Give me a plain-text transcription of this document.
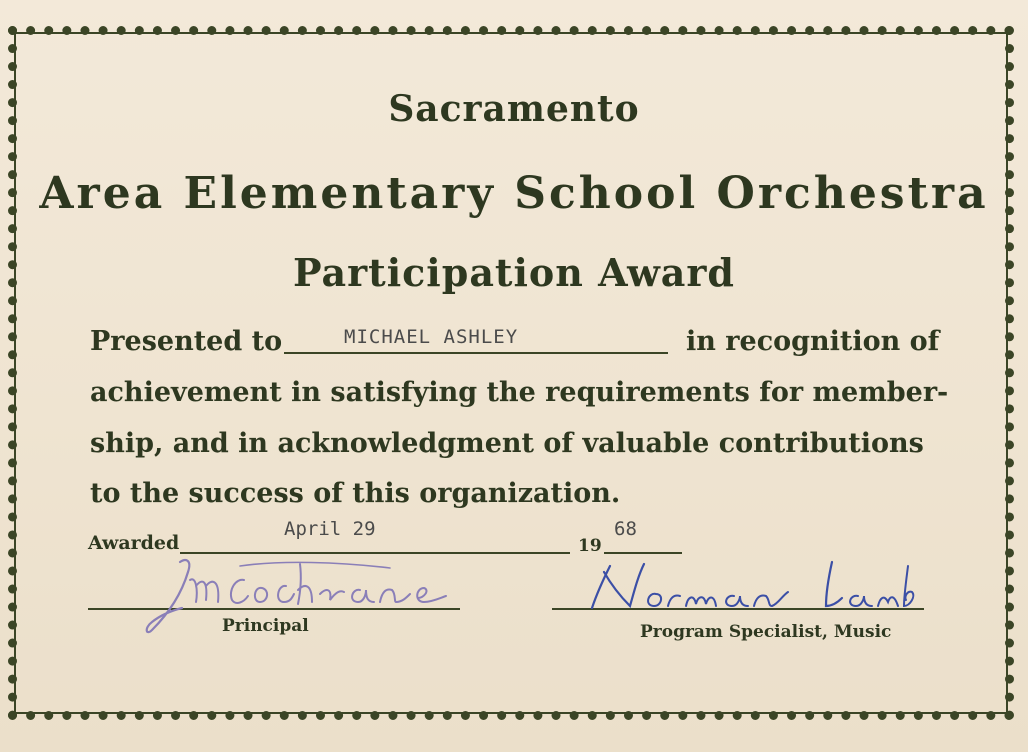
Sacramento
Area Elementary School Orchestra
Participation Award
Presented to	MICHAEL ASHLEY	in recognition of
achievement in satisfying the requirements for member-
ship, and in acknowledgment of valuable contributions
to the success of this organization.
Awarded
April 29
19
68
Principal	Program Specialist, Music
